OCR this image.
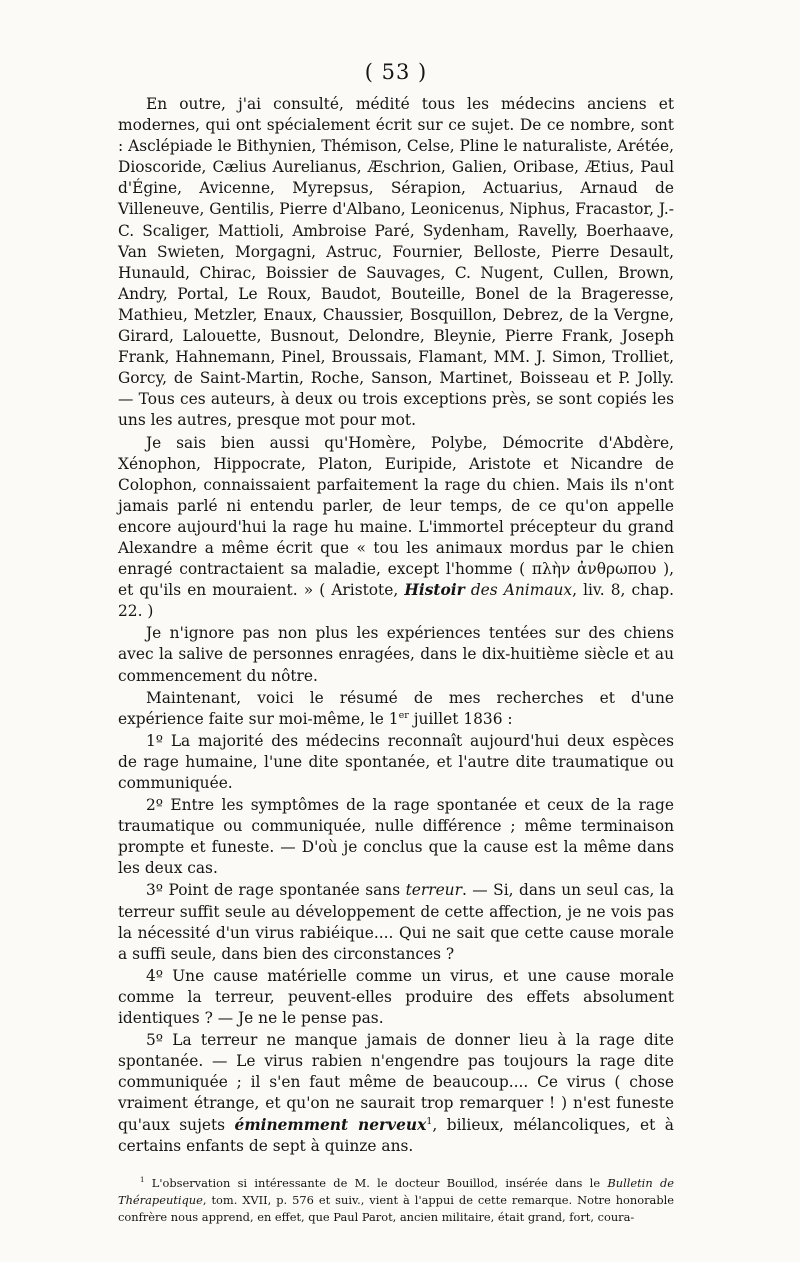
( 53 )

En outre, j'ai consulté, médité tous les médecins anciens et modernes, qui ont spécialement écrit sur ce sujet. De ce nombre, sont : Asclépiade le Bithynien, Thémison, Celse, Pline le naturaliste, Arétée, Dioscoride, Cælius Aurelianus, Æschrion, Galien, Oribase, Ætius, Paul d'Égine, Avicenne, Myrepsus, Sérapion, Actuarius, Arnaud de Villeneuve, Gentilis, Pierre d'Albano, Leonicenus, Niphus, Fracastor, J.-C. Scaliger, Mattioli, Ambroise Paré, Sydenham, Ravelly, Boerhaave, Van Swieten, Morgagni, Astruc, Fournier, Belloste, Pierre Desault, Hunauld, Chirac, Boissier de Sauvages, C. Nugent, Cullen, Brown, Andry, Portal, Le Roux, Baudot, Bouteille, Bonel de la Brageresse, Mathieu, Metzler, Enaux, Chaussier, Bosquillon, Debrez, de la Vergne, Girard, Lalouette, Busnout, Delondre, Bleynie, Pierre Frank, Joseph Frank, Hahnemann, Pinel, Broussais, Flamant, MM. J. Simon, Trolliet, Gorcy, de Saint-Martin, Roche, Sanson, Martinet, Boisseau et P. Jolly. — Tous ces auteurs, à deux ou trois exceptions près, se sont copiés les uns les autres, presque mot pour mot.

Je sais bien aussi qu'Homère, Polybe, Démocrite d'Abdère, Xénophon, Hippocrate, Platon, Euripide, Aristote et Nicandre de Colophon, connaissaient parfaitement la rage du chien. Mais ils n'ont jamais parlé ni entendu parler, de leur temps, de ce qu'on appelle encore aujourd'hui la rage hu maine. L'immortel précepteur du grand Alexandre a même écrit que « tou les animaux mordus par le chien enragé contractaient sa maladie, except l'homme ( πλὴν ἀνθρωπου ), et qu'ils en mouraient. » ( Aristote, Histoir des Animaux, liv. 8, chap. 22. )

Je n'ignore pas non plus les expériences tentées sur des chiens avec la salive de personnes enragées, dans le dix-huitième siècle et au commencement du nôtre.

Maintenant, voici le résumé de mes recherches et d'une expérience faite sur moi-même, le 1er juillet 1836 :

1º La majorité des médecins reconnaît aujourd'hui deux espèces de rage humaine, l'une dite spontanée, et l'autre dite traumatique ou communiquée.

2º Entre les symptômes de la rage spontanée et ceux de la rage traumatique ou communiquée, nulle différence ; même terminaison prompte et funeste. — D'où je conclus que la cause est la même dans les deux cas.

3º Point de rage spontanée sans terreur. — Si, dans un seul cas, la terreur suffit seule au développement de cette affection, je ne vois pas la nécessité d'un virus rabiéique.... Qui ne sait que cette cause morale a suffi seule, dans bien des circonstances ?

4º Une cause matérielle comme un virus, et une cause morale comme la terreur, peuvent-elles produire des effets absolument identiques ? — Je ne le pense pas.

5º La terreur ne manque jamais de donner lieu à la rage dite spontanée. — Le virus rabien n'engendre pas toujours la rage dite communiquée ; il s'en faut même de beaucoup.... Ce virus ( chose vraiment étrange, et qu'on ne saurait trop remarquer ! ) n'est funeste qu'aux sujets éminemment nerveux$^1$, bilieux, mélancoliques, et à certains enfants de sept à quinze ans.

$^1$ L'observation si intéressante de M. le docteur Bouillod, insérée dans le Bulletin de Thérapeutique, tom. XVII, p. 576 et suiv., vient à l'appui de cette remarque. Notre honorable confrère nous apprend, en effet, que Paul Parot, ancien militaire, était grand, fort, coura-
